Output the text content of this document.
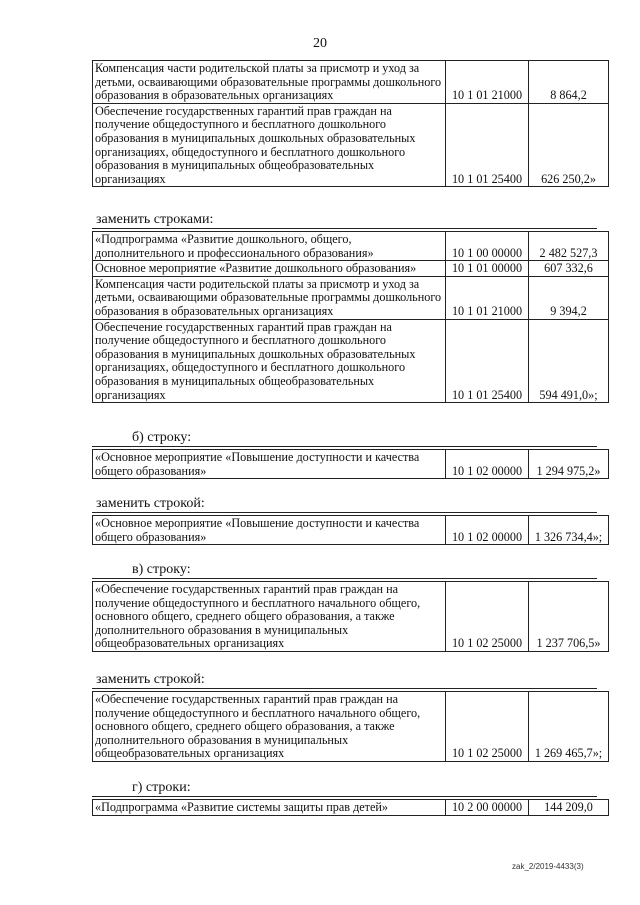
20
Компенсация части родительской платы за присмотр и уход за детьми, осваивающими образовательные программы дошкольного образования в образовательных организациях	10 1 01 21000	8 864,2

Обеспечение государственных гарантий прав граждан на получение общедоступного и бесплатного дошкольного образования в муниципальных дошкольных образовательных организациях, общедоступного и бесплатного дошкольного образования в муниципальных общеобразовательных организациях	10 1 01 25400	626 250,2»
заменить строками:
«Подпрограмма «Развитие дошкольного, общего, дополнительного и профессионального образования»	10 1 00 00000	2 482 527,3

Основное мероприятие «Развитие дошкольного образования»	10 1 01 00000	607 332,6

Компенсация части родительской платы за присмотр и уход за детьми, осваивающими образовательные программы дошкольного образования в образовательных организациях	10 1 01 21000	9 394,2

Обеспечение государственных гарантий прав граждан на получение общедоступного и бесплатного дошкольного образования в муниципальных дошкольных образовательных организациях, общедоступного и бесплатного дошкольного образования в муниципальных общеобразовательных организациях	10 1 01 25400	594 491,0»;
б) строку:
«Основное мероприятие «Повышение доступности и качества общего образования»	10 1 02 00000	1 294 975,2»
заменить строкой:
«Основное мероприятие «Повышение доступности и качества общего образования»	10 1 02 00000	1 326 734,4»;
в) строку:
«Обеспечение государственных гарантий прав граждан на получение общедоступного и бесплатного начального общего, основного общего, среднего общего образования, а также дополнительного образования в муниципальных общеобразовательных организациях	10 1 02 25000	1 237 706,5»
заменить строкой:
«Обеспечение государственных гарантий прав граждан на получение общедоступного и бесплатного начального общего, основного общего, среднего общего образования, а также дополнительного образования в муниципальных общеобразовательных организациях	10 1 02 25000	1 269 465,7»;
г) строки:
«Подпрограмма «Развитие системы защиты прав детей»	10 2 00 00000	144 209,0
zak_2/2019-4433(3)
